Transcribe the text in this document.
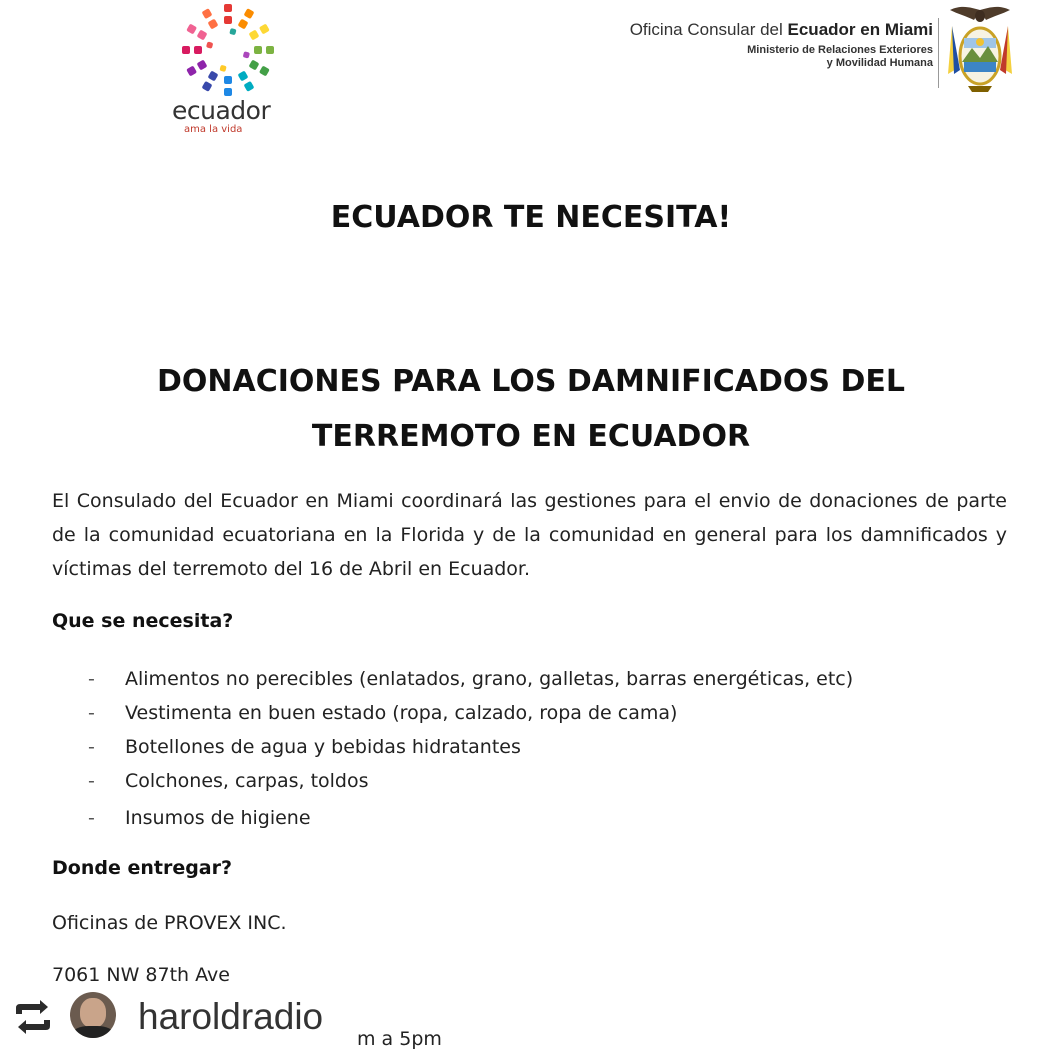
ecuador
ama la vida
Oficina Consular del Ecuador en Miami
Ministerio de Relaciones Exteriores
y Movilidad Humana
ECUADOR TE NECESITA!
DONACIONES PARA LOS DAMNIFICADOS DEL
TERREMOTO EN ECUADOR
El Consulado del Ecuador en Miami coordinará las gestiones para el envio de donaciones de parte de la comunidad ecuatoriana en la Florida y de la comunidad en general para los damnificados y víctimas del terremoto del 16 de Abril en Ecuador.
Que se necesita?
- Alimentos no perecibles (enlatados, grano, galletas, barras energéticas, etc)
- Vestimenta en buen estado (ropa, calzado, ropa de cama)
- Botellones de agua y bebidas hidratantes
- Colchones, carpas, toldos
- Insumos de higiene
Donde entregar?
Oficinas de PROVEX INC.
7061 NW 87th Ave
haroldradio
m a 5pm
